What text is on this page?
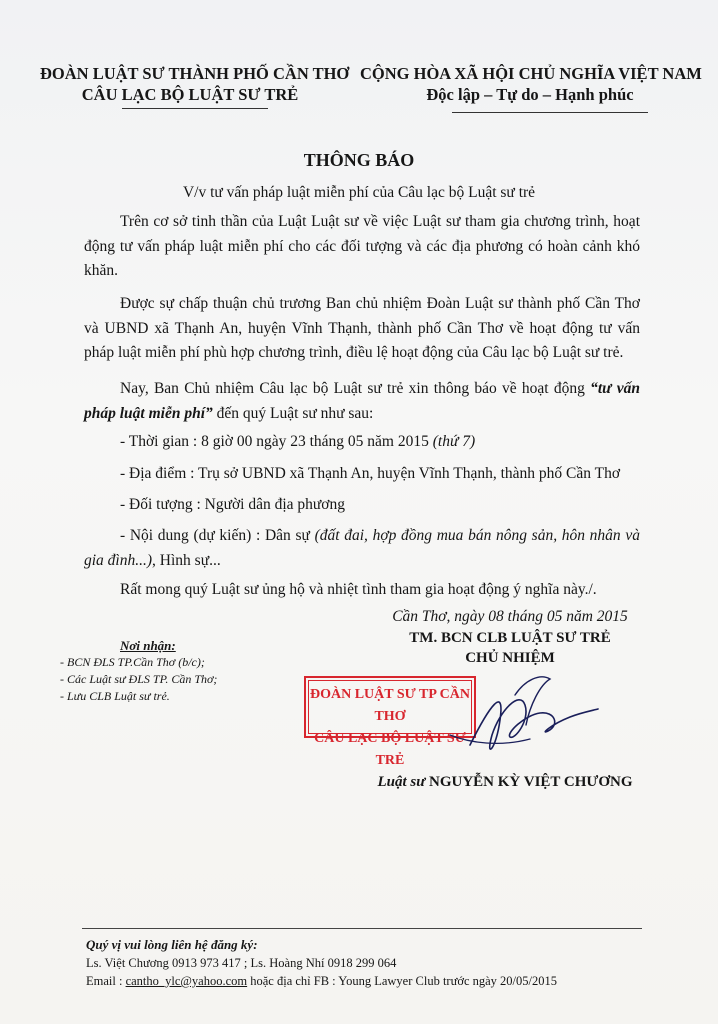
ĐOÀN LUẬT SƯ THÀNH PHỐ CẦN THƠ
CÂU LẠC BỘ LUẬT SƯ TRẺ
CỘNG HÒA XÃ HỘI CHỦ NGHĨA VIỆT NAM
Độc lập – Tự do – Hạnh phúc
THÔNG BÁO
V/v tư vấn pháp luật miễn phí của Câu lạc bộ Luật sư trẻ
Trên cơ sở tinh thần của Luật Luật sư về việc Luật sư tham gia chương trình, hoạt động tư vấn pháp luật miễn phí cho các đối tượng và các địa phương có hoàn cảnh khó khăn.
Được sự chấp thuận chủ trương Ban chủ nhiệm Đoàn Luật sư thành phố Cần Thơ và UBND xã Thạnh An, huyện Vĩnh Thạnh, thành phố Cần Thơ về hoạt động tư vấn pháp luật miễn phí phù hợp chương trình, điều lệ hoạt động của Câu lạc bộ Luật sư trẻ.
Nay, Ban Chủ nhiệm Câu lạc bộ Luật sư trẻ xin thông báo về hoạt động “tư vấn pháp luật miễn phí” đến quý Luật sư như sau:
- Thời gian : 8 giờ 00 ngày 23 tháng 05 năm 2015 (thứ 7)
- Địa điểm : Trụ sở UBND xã Thạnh An, huyện Vĩnh Thạnh, thành phố Cần Thơ
- Đối tượng : Người dân địa phương
- Nội dung (dự kiến) : Dân sự (đất đai, hợp đồng mua bán nông sản, hôn nhân và gia đình...), Hình sự...
Rất mong quý Luật sư ủng hộ và nhiệt tình tham gia hoạt động ý nghĩa này./.
Cần Thơ, ngày 08 tháng 05 năm 2015
TM. BCN CLB LUẬT SƯ TRẺ
CHỦ NHIỆM
Nơi nhận:
- BCN ĐLS TP.Cần Thơ (b/c);
- Các Luật sư ĐLS TP. Cần Thơ;
- Lưu CLB Luật sư trẻ.	ĐOÀN LUẬT SƯ TP CẦN THƠ
CÂU LẠC BỘ LUẬT SƯ TRẺ
Luật sư NGUYỄN KỲ VIỆT CHƯƠNG
Quý vị vui lòng liên hệ đăng ký:
Ls. Việt Chương 0913 973 417 ; Ls. Hoàng Nhí 0918 299 064
Email : cantho_ylc@yahoo.com hoặc địa chỉ FB : Young Lawyer Club trước ngày 20/05/2015
